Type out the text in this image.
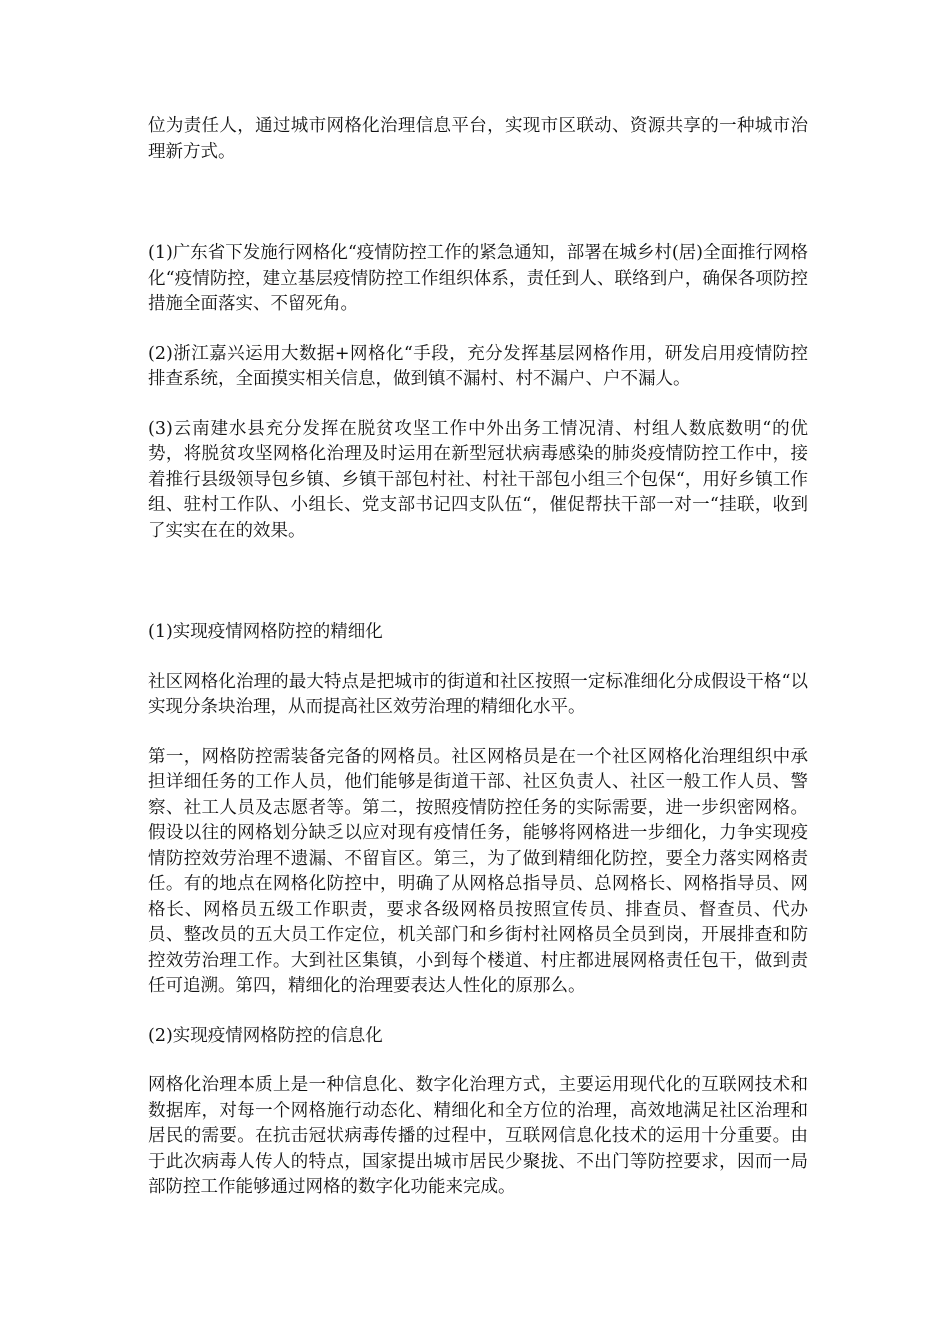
位为责任人，通过城市网格化治理信息平台，实现市区联动、资源共享的一种城市治理新方式。

(1)广东省下发施行网格化“疫情防控工作的紧急通知，部署在城乡村(居)全面推行网格化“疫情防控，建立基层疫情防控工作组织体系，责任到人、联络到户，确保各项防控措施全面落实、不留死角。

(2)浙江嘉兴运用大数据+网格化“手段，充分发挥基层网格作用，研发启用疫情防控排查系统，全面摸实相关信息，做到镇不漏村、村不漏户、户不漏人。

(3)云南建水县充分发挥在脱贫攻坚工作中外出务工情况清、村组人数底数明“的优势，将脱贫攻坚网格化治理及时运用在新型冠状病毒感染的肺炎疫情防控工作中，接着推行县级领导包乡镇、乡镇干部包村社、村社干部包小组三个包保“，用好乡镇工作组、驻村工作队、小组长、党支部书记四支队伍“，催促帮扶干部一对一“挂联，收到了实实在在的效果。

(1)实现疫情网格防控的精细化

社区网格化治理的最大特点是把城市的街道和社区按照一定标准细化分成假设干格“以实现分条块治理，从而提高社区效劳治理的精细化水平。

第一，网格防控需装备完备的网格员。社区网格员是在一个社区网格化治理组织中承担详细任务的工作人员，他们能够是街道干部、社区负责人、社区一般工作人员、警察、社工人员及志愿者等。第二，按照疫情防控任务的实际需要，进一步织密网格。假设以往的网格划分缺乏以应对现有疫情任务，能够将网格进一步细化，力争实现疫情防控效劳治理不遗漏、不留盲区。第三，为了做到精细化防控，要全力落实网格责任。有的地点在网格化防控中，明确了从网格总指导员、总网格长、网格指导员、网格长、网格员五级工作职责，要求各级网格员按照宣传员、排查员、督查员、代办员、整改员的五大员工作定位，机关部门和乡街村社网格员全员到岗，开展排查和防控效劳治理工作。大到社区集镇，小到每个楼道、村庄都进展网格责任包干，做到责任可追溯。第四，精细化的治理要表达人性化的原那么。

(2)实现疫情网格防控的信息化

网格化治理本质上是一种信息化、数字化治理方式，主要运用现代化的互联网技术和数据库，对每一个网格施行动态化、精细化和全方位的治理，高效地满足社区治理和居民的需要。在抗击冠状病毒传播的过程中，互联网信息化技术的运用十分重要。由于此次病毒人传人的特点，国家提出城市居民少聚拢、不出门等防控要求，因而一局部防控工作能够通过网格的数字化功能来完成。
